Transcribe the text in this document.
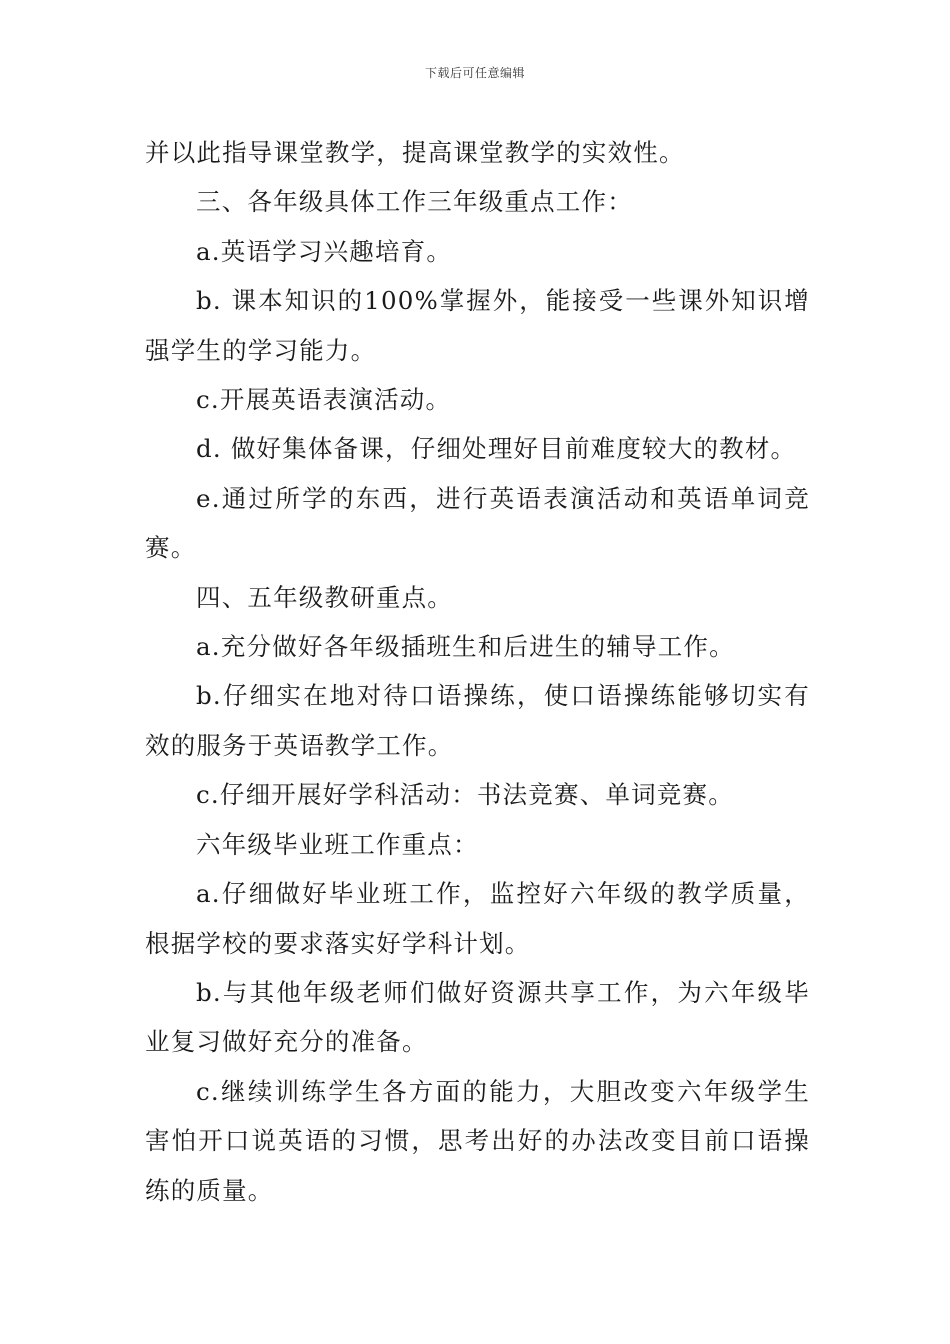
下载后可任意编辑

并以此指导课堂教学，提高课堂教学的实效性。

三、各年级具体工作三年级重点工作：

a.英语学习兴趣培育。

b. 课本知识的100%掌握外，能接受一些课外知识增强学生的学习能力。

c.开展英语表演活动。

d. 做好集体备课，仔细处理好目前难度较大的教材。

e.通过所学的东西，进行英语表演活动和英语单词竞赛。

四、五年级教研重点。

a.充分做好各年级插班生和后进生的辅导工作。

b.仔细实在地对待口语操练，使口语操练能够切实有效的服务于英语教学工作。

c.仔细开展好学科活动：书法竞赛、单词竞赛。

六年级毕业班工作重点：

a.仔细做好毕业班工作，监控好六年级的教学质量，根据学校的要求落实好学科计划。

b.与其他年级老师们做好资源共享工作，为六年级毕业复习做好充分的准备。

c.继续训练学生各方面的能力，大胆改变六年级学生害怕开口说英语的习惯，思考出好的办法改变目前口语操练的质量。
